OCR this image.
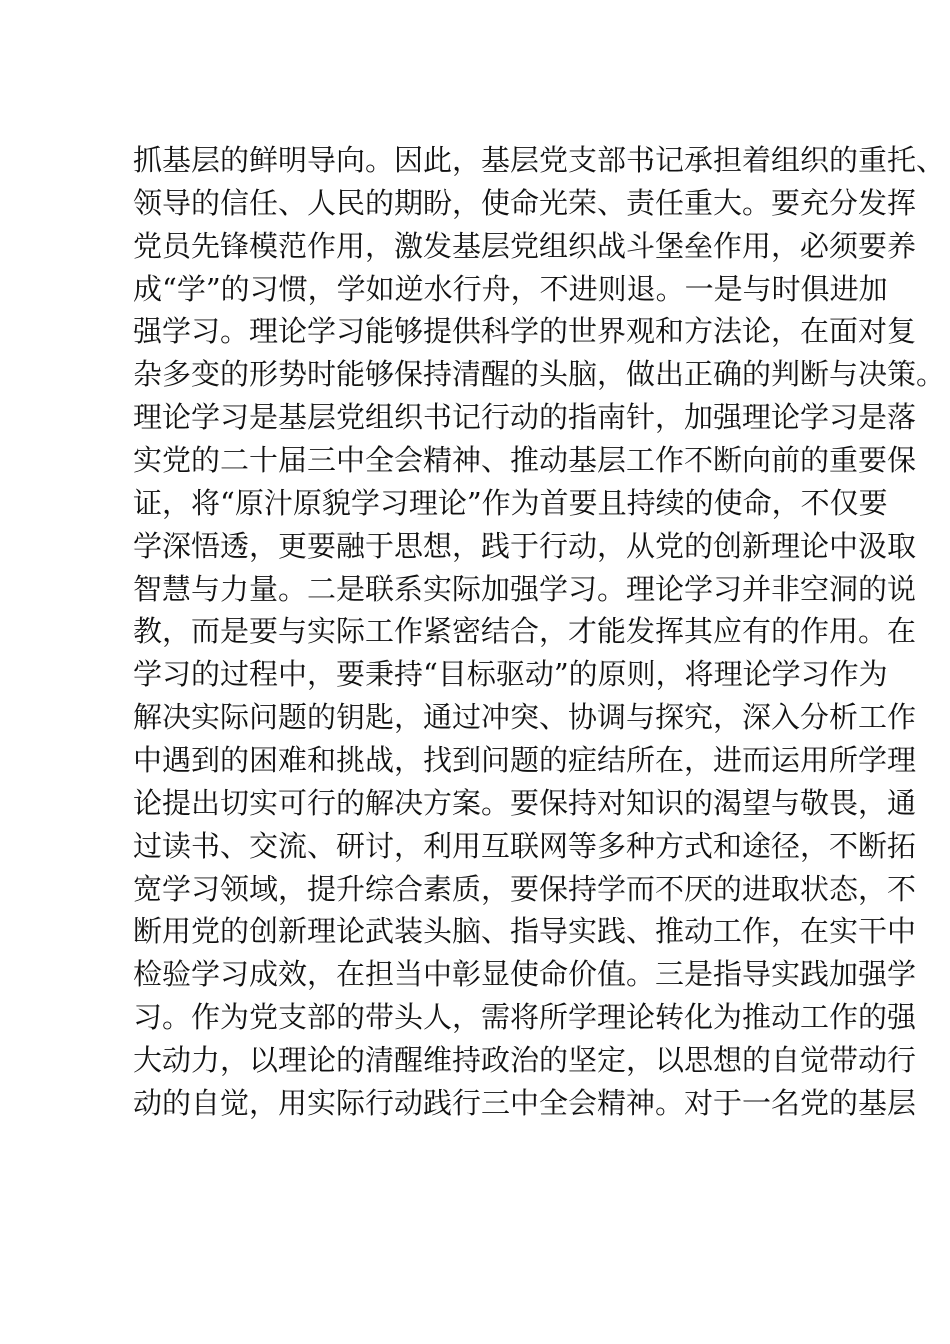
抓基层的鲜明导向。因此，基层党支部书记承担着组织的重托、
领导的信任、人民的期盼，使命光荣、责任重大。要充分发挥
党员先锋模范作用，激发基层党组织战斗堡垒作用，必须要养
成“学”的习惯，学如逆水行舟，不进则退。一是与时俱进加
强学习。理论学习能够提供科学的世界观和方法论，在面对复
杂多变的形势时能够保持清醒的头脑，做出正确的判断与决策。
理论学习是基层党组织书记行动的指南针，加强理论学习是落
实党的二十届三中全会精神、推动基层工作不断向前的重要保
证，将“原汁原貌学习理论”作为首要且持续的使命，不仅要
学深悟透，更要融于思想，践于行动，从党的创新理论中汲取
智慧与力量。二是联系实际加强学习。理论学习并非空洞的说
教，而是要与实际工作紧密结合，才能发挥其应有的作用。在
学习的过程中，要秉持“目标驱动”的原则，将理论学习作为
解决实际问题的钥匙，通过冲突、协调与探究，深入分析工作
中遇到的困难和挑战，找到问题的症结所在，进而运用所学理
论提出切实可行的解决方案。要保持对知识的渴望与敬畏，通
过读书、交流、研讨，利用互联网等多种方式和途径，不断拓
宽学习领域，提升综合素质，要保持学而不厌的进取状态，不
断用党的创新理论武装头脑、指导实践、推动工作，在实干中
检验学习成效，在担当中彰显使命价值。三是指导实践加强学
习。作为党支部的带头人，需将所学理论转化为推动工作的强
大动力，以理论的清醒维持政治的坚定，以思想的自觉带动行
动的自觉，用实际行动践行三中全会精神。对于一名党的基层
